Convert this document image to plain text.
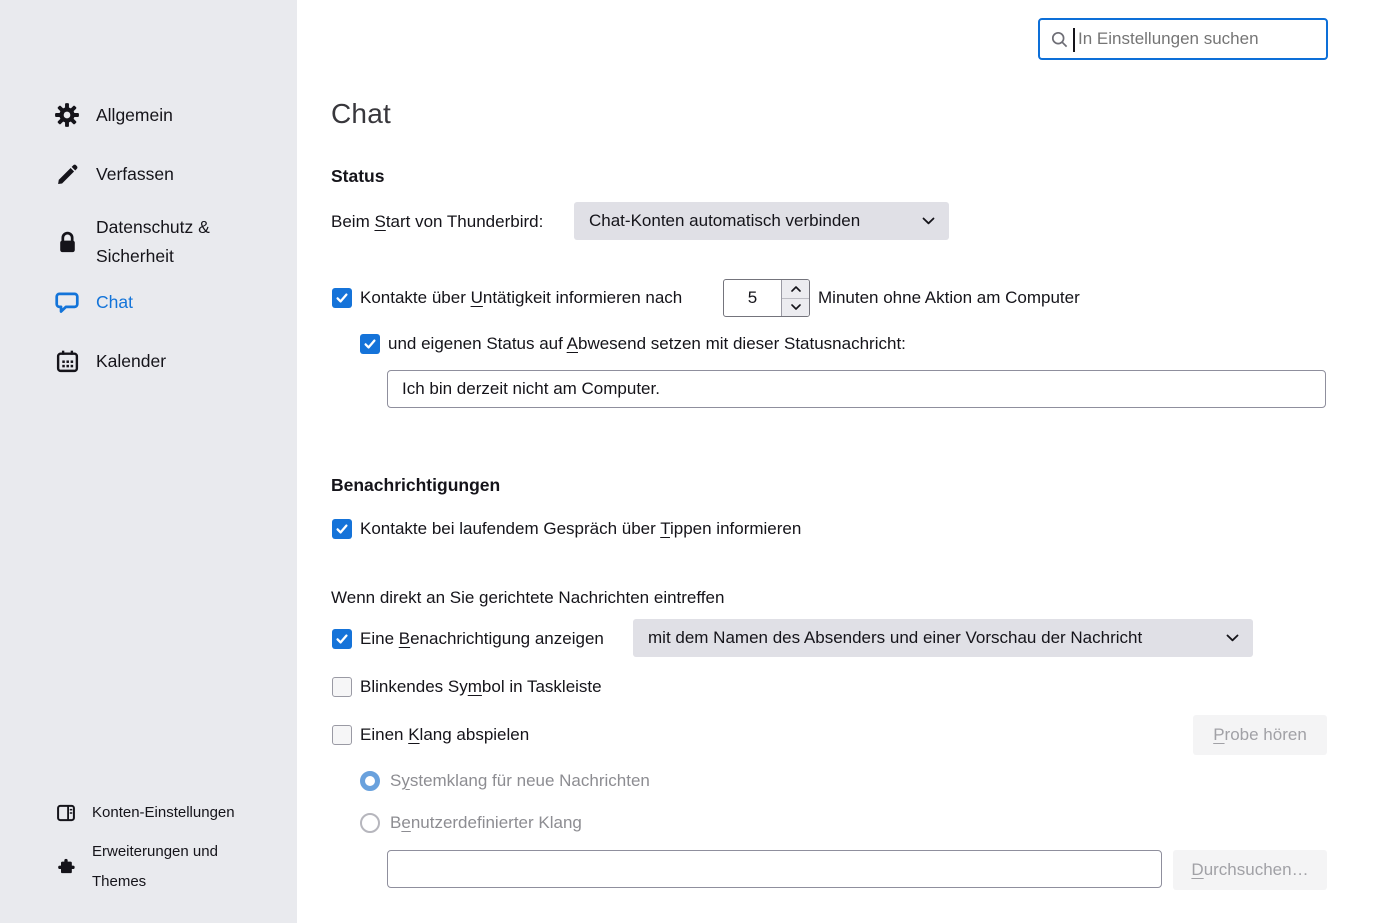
Allgemein
Verfassen
Datenschutz & Sicherheit
Chat
Kalender
Konten-Einstellungen
Erweiterungen und Themes
In Einstellungen suchen
Chat
Status
Beim Start von Thunderbird:	Chat-Konten automatisch verbinden
Kontakte über Untätigkeit informieren nach
5	Minuten ohne Aktion am Computer
und eigenen Status auf Abwesend setzen mit dieser Statusnachricht:
Ich bin derzeit nicht am Computer.
Benachrichtigungen
Kontakte bei laufendem Gespräch über Tippen informieren
Wenn direkt an Sie gerichtete Nachrichten eintreffen
Eine Benachrichtigung anzeigen	mit dem Namen des Absenders und einer Vorschau der Nachricht
Blinkendes Symbol in Taskleiste
Einen Klang abspielen	Probe hören
Systemklang für neue Nachrichten
Benutzerdefinierter Klang
Durchsuchen…
